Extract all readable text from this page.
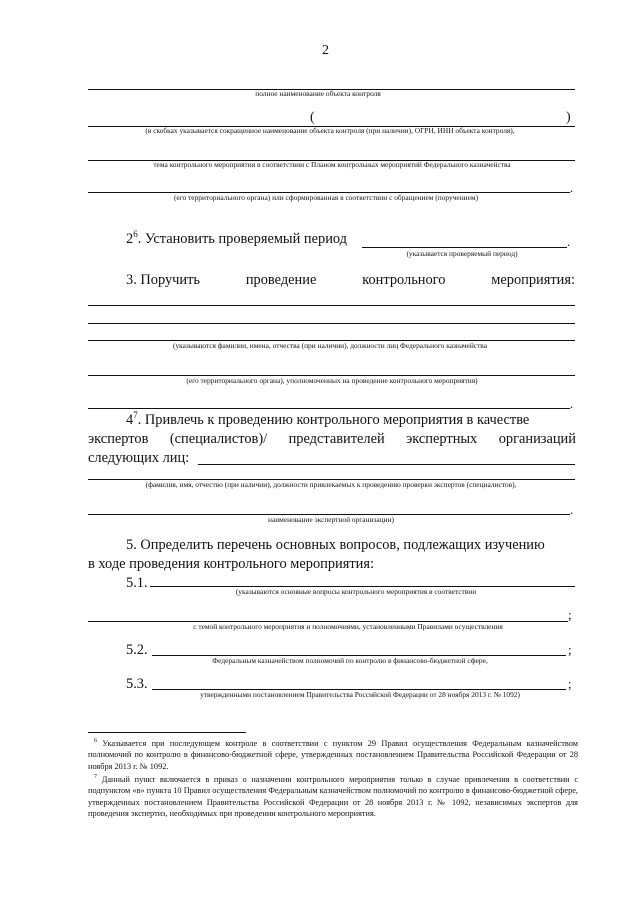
2
полное наименование объекта контроля
(	)
(в скобках указывается сокращенное наименование объекта контроля (при наличии), ОГРН, ИНН объекта контроля),
тема контрольного мероприятия в соответствии с Планом контрольных мероприятий Федерального казначейства
.
(его территориального органа) или сформированная в соответствии с обращением (поручением)
$2^6$. Установить проверяемый период	.
(указывается проверяемый период)
3. Поручить	проведение	контрольного	мероприятия:
(указываются фамилии, имена, отчества (при наличии), должности лиц Федерального казначейства
(его территориального органа), уполномоченных на проведение контрольного мероприятия)
.
$4^7$. Привлечь к проведению контрольного мероприятия в качестве
экспертов (специалистов)/ представителей экспертных организаций
следующих лиц:
(фамилия, имя, отчество (при наличии), должности привлекаемых к проведению проверки экспертов (специалистов),
.
наименование экспертной организации)
5. Определить перечень основных вопросов, подлежащих изучению
в ходе проведения контрольного мероприятия:
5.1.
(указываются основные вопросы контрольного мероприятия в соответствии
;
с темой контрольного мероприятия и полномочиями, установленными Правилами осуществления
5.2.	;
Федеральным казначейством полномочий по контролю в финансово-бюджетной сфере,
5.3.	;
утвержденными постановлением Правительства Российской Федерации от 28 ноября 2013 г. № 1092)
$^6$ Указывается при последующем контроле в соответствии с пунктом 29 Правил осуществления Федеральным казначейством полномочий по контролю в финансово-бюджетной сфере, утвержденных постановлением Правительства Российской Федерации от 28 ноября 2013 г. № 1092.
$^7$ Данный пункт включается в приказ о назначении контрольного мероприятия только в случае привлечения в соответствии с подпунктом «в» пункта 10 Правил осуществления Федеральным казначейством полномочий по контролю в финансово-бюджетной сфере, утвержденных постановлением Правительства Российской Федерации от 28 ноября 2013 г. № 1092, независимых экспертов для проведения экспертиз, необходимых при проведении контрольного мероприятия.
